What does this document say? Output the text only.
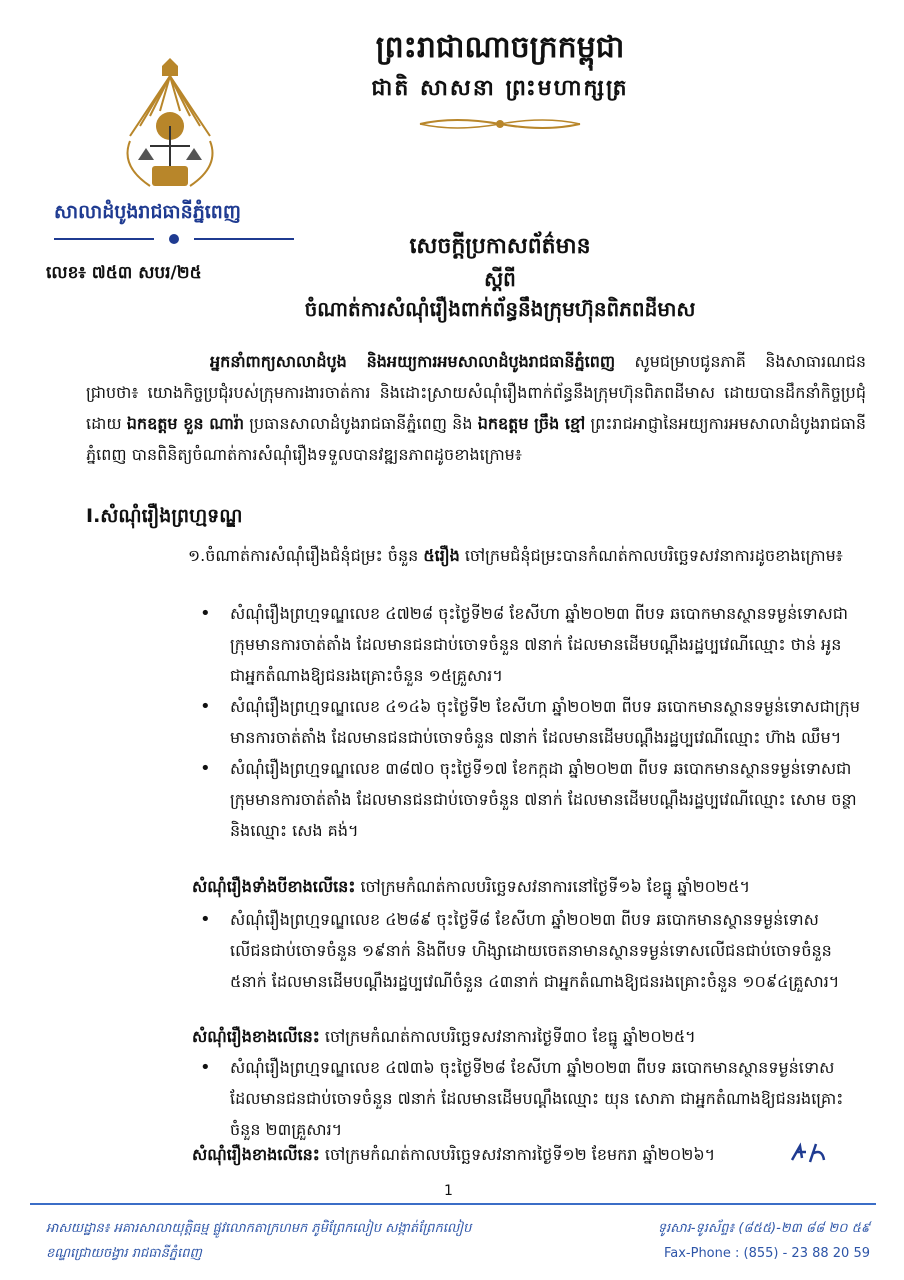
ព្រះរាជាណាចក្រកម្ពុជា
ជាតិ សាសនា ព្រះមហាក្សត្រ
សាលាដំបូងរាជធានីភ្នំពេញ
លេខ៖ ៧៥៣ សបរ/២៥
សេចក្តីប្រកាសព័ត៌មាន
ស្តីពី
ចំណាត់ការសំណុំរឿងពាក់ព័ន្ធនឹងក្រុមហ៊ុនពិភពដីមាស
អ្នកនាំពាក្យសាលាដំបូង និងអយ្យការអមសាលាដំបូងរាជធានីភ្នំពេញ សូមជម្រាបជូនភាគី និងសាធារណជនជ្រាបថា៖ យោងកិច្ចប្រជុំរបស់ក្រុមការងារចាត់ការ និងដោះស្រាយសំណុំរឿងពាក់ព័ន្ធនឹងក្រុមហ៊ុនពិភពដីមាស ដោយបានដឹកនាំកិច្ចប្រជុំដោយ ឯកឧត្តម ខួន ណារ៉ា ប្រធានសាលាដំបូងរាជធានីភ្នំពេញ និង ឯកឧត្តម ច្រឹង ខ្មៅ ព្រះរាជអាជ្ញានៃអយ្យការអមសាលាដំបូងរាជធានីភ្នំពេញ បានពិនិត្យចំណាត់ការសំណុំរឿងទទួលបានវឌ្ឍនភាពដូចខាងក្រោម៖
I.សំណុំរឿងព្រហ្មទណ្ឌ
១.ចំណាត់ការសំណុំរឿងជំនុំជម្រះ ចំនួន ៥រឿង ចៅក្រមជំនុំជម្រះបានកំណត់កាលបរិច្ឆេទសវនាការដូចខាងក្រោម៖
• សំណុំរឿងព្រហ្មទណ្ឌលេខ ៤៧២៨ ចុះថ្ងៃទី២៨ ខែសីហា ឆ្នាំ២០២៣ ពីបទ ឆបោកមានស្ថានទម្ងន់ទោសជាក្រុមមានការចាត់តាំង ដែលមានជនជាប់ចោទចំនួន ៧នាក់ ដែលមានដើមបណ្តឹងរដ្ឋប្បវេណីឈ្មោះ ថាន់ អូន ជាអ្នកតំណាងឱ្យជនរងគ្រោះចំនួន ១៥គ្រួសារ។
• សំណុំរឿងព្រហ្មទណ្ឌលេខ ៤១៤៦ ចុះថ្ងៃទី២ ខែសីហា ឆ្នាំ២០២៣ ពីបទ ឆបោកមានស្ថានទម្ងន់ទោសជាក្រុមមានការចាត់តាំង ដែលមានជនជាប់ចោទចំនួន ៧នាក់ ដែលមានដើមបណ្តឹងរដ្ឋប្បវេណីឈ្មោះ ហ៊ាង ឈឹម។
• សំណុំរឿងព្រហ្មទណ្ឌលេខ ៣៨៧០ ចុះថ្ងៃទី១៧ ខែកក្កដា ឆ្នាំ២០២៣ ពីបទ ឆបោកមានស្ថានទម្ងន់ទោសជាក្រុមមានការចាត់តាំង ដែលមានជនជាប់ចោទចំនួន ៧នាក់ ដែលមានដើមបណ្តឹងរដ្ឋប្បវេណីឈ្មោះ សោម ចន្ថា និងឈ្មោះ សេង គង់។
សំណុំរឿងទាំងបីខាងលើនេះ ចៅក្រមកំណត់កាលបរិច្ឆេទសវនាការនៅថ្ងៃទី១៦ ខែធ្នូ ឆ្នាំ២០២៥។
• សំណុំរឿងព្រហ្មទណ្ឌលេខ ៤២៨៩ ចុះថ្ងៃទី៨ ខែសីហា ឆ្នាំ២០២៣ ពីបទ ឆបោកមានស្ថានទម្ងន់ទោស លើជនជាប់ចោទចំនួន ១៩នាក់ និងពីបទ ហិង្សាដោយចេតនាមានស្ថានទម្ងន់ទោសលើជនជាប់ចោទចំនួន ៥នាក់ ដែលមានដើមបណ្តឹងរដ្ឋប្បវេណីចំនួន ៤៣នាក់ ជាអ្នកតំណាងឱ្យជនរងគ្រោះចំនួន ១០៩៤គ្រួសារ។
សំណុំរឿងខាងលើនេះ ចៅក្រមកំណត់កាលបរិច្ឆេទសវនាការថ្ងៃទី៣០ ខែធ្នូ ឆ្នាំ២០២៥។
• សំណុំរឿងព្រហ្មទណ្ឌលេខ ៤៧៣៦ ចុះថ្ងៃទី២៨ ខែសីហា ឆ្នាំ២០២៣ ពីបទ ឆបោកមានស្ថានទម្ងន់ទោស ដែលមានជនជាប់ចោទចំនួន ៧នាក់ ដែលមានដើមបណ្តឹងឈ្មោះ យុន សោភា ជាអ្នកតំណាងឱ្យជនរងគ្រោះចំនួន ២៣គ្រួសារ។
សំណុំរឿងខាងលើនេះ ចៅក្រមកំណត់កាលបរិច្ឆេទសវនាការថ្ងៃទី១២ ខែមករា ឆ្នាំ២០២៦។
1
អាសយដ្ឋាន៖ អគារសាលាយុត្តិធម្ម ផ្លូវលោកតាក្រហមក ភូមិព្រែកលៀប សង្កាត់ព្រែកលៀប
ខណ្ឌជ្រោយចង្វារ រាជធានីភ្នំពេញ
ទូរសារ-ទូរស័ព្ទ៖ (៨៥៥)-២៣ ៨៨ ២០ ៥៩
Fax-Phone : (855) - 23 88 20 59
